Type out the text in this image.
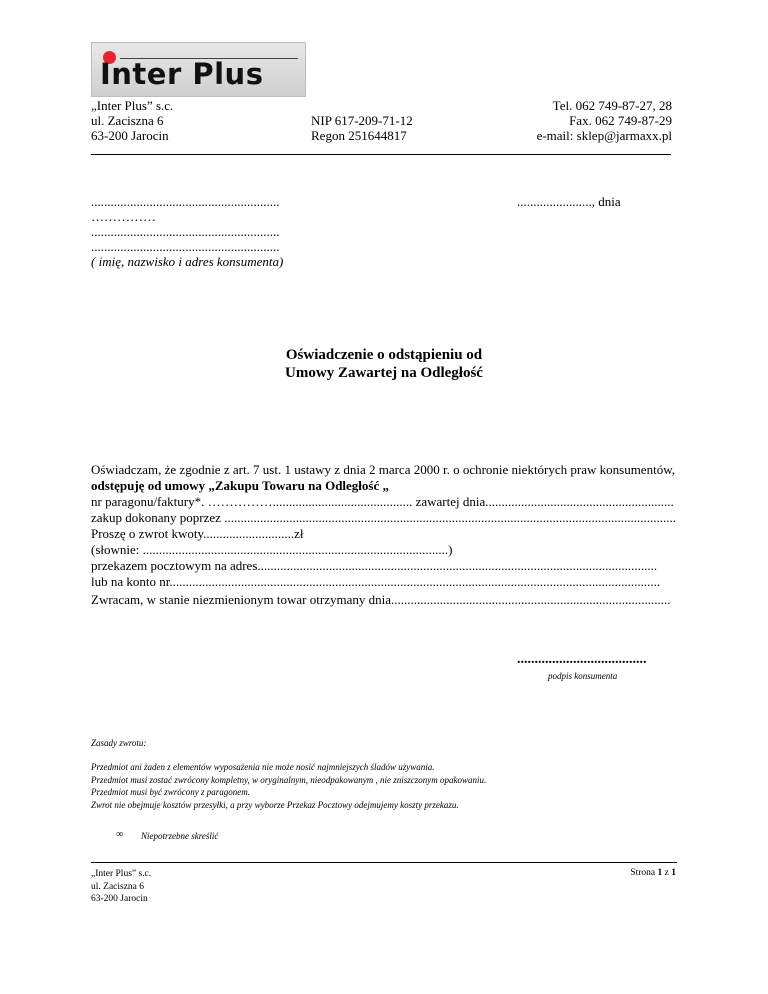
Inter Plus
„Inter Plus” s.c.
ul. Zaciszna 6
63-200 Jarocin
NIP 617-209-71-12
Regon 251644817
Tel. 062 749-87-27, 28
Fax. 062 749-87-29
e-mail: sklep@jarmaxx.pl
..........................................................
……………
..........................................................
..........................................................
( imię, nazwisko i adres konsumenta)
......................., dnia
Oświadczenie o odstąpieniu od
Umowy Zawartej na Odległość
Oświadczam, że zgodnie z art. 7 ust. 1 ustawy z dnia 2 marca 2000 r. o ochronie niektórych praw konsumentów,
odstępuję od umowy „Zakupu Towaru na Odległość „
nr paragonu/faktury*. ……………........................................... zawartej dnia..........................................................
zakup dokonany poprzez ...........................................................................................................................................
Proszę o zwrot kwoty............................zł
(słownie: ..............................................................................................)
przekazem pocztowym na adres...........................................................................................................................
lub na konto nr.......................................................................................................................................................
Zwracam, w stanie niezmienionym towar otrzymany dnia......................................................................................
.....................................
podpis konsumenta
Zasady zwrotu:
Przedmiot ani żaden z elementów wyposażenia nie może nosić najmniejszych śladów używania.
Przedmiot musi zostać zwrócony kompletny, w oryginalnym, nieodpakowanym , nie zniszczonym opakowaniu.
Przedmiot musi być zwrócony z paragonem.
Zwrot nie obejmuje kosztów przesyłki, a przy wyborze Przekaz Pocztowy odejmujemy koszty przekazu.
∞ Niepotrzebne skreślić
„Inter Plus” s.c.
ul. Zaciszna 6
63-200 Jarocin
Strona 1 z 1
